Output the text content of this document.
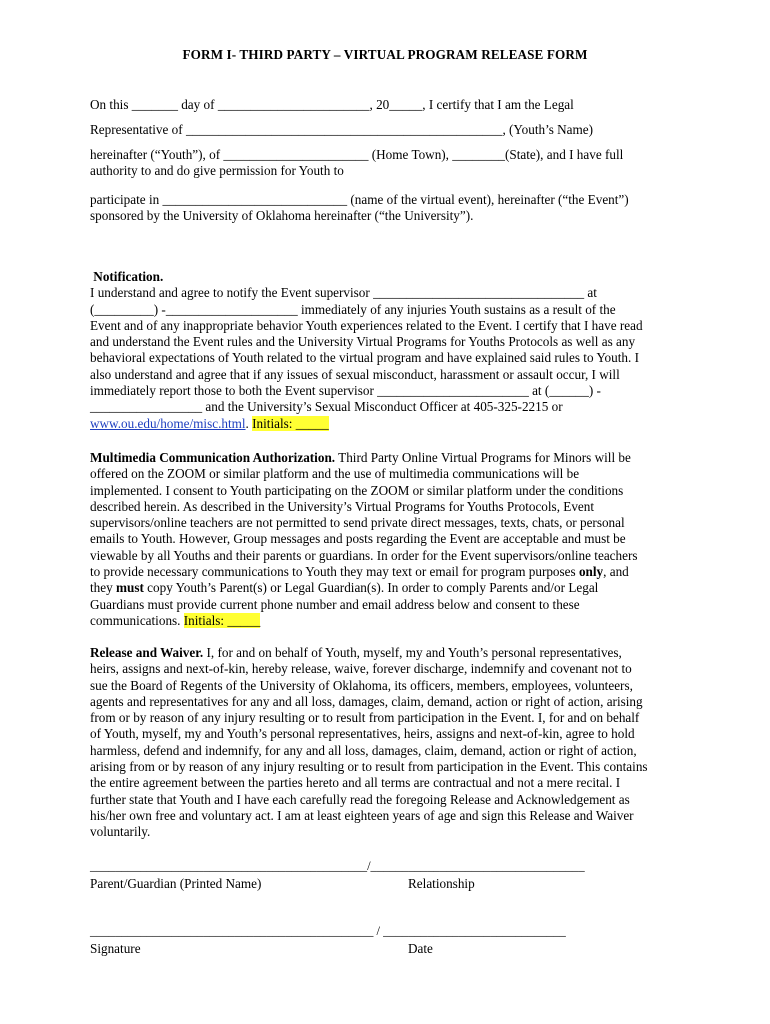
FORM I- THIRD PARTY – VIRTUAL PROGRAM RELEASE FORM
On this _______ day of _______________________, 20_____, I certify that I am the Legal
Representative of ________________________________________________, (Youth’s Name)
hereinafter (“Youth”), of ______________________ (Home Town), ________(State), and I have full
authority to and do give permission for Youth to
participate in ____________________________ (name of the virtual event), hereinafter (“the Event”)
sponsored by the University of Oklahoma hereinafter (“the University”).

Notification.

I understand and agree to notify the Event supervisor ________________________________ at

(_________) -____________________ immediately of any injuries Youth sustains as a result of the

Event and of any inappropriate behavior Youth experiences related to the Event. I certify that I have read

and understand the Event rules and the University Virtual Programs for Youths Protocols as well as any

behavioral expectations of Youth related to the virtual program and have explained said rules to Youth. I

also understand and agree that if any issues of sexual misconduct, harassment or assault occur, I will

immediately report those to both the Event supervisor _______________________ at (______) -

_________________ and the University’s Sexual Misconduct Officer at 405-325-2215 or

www.ou.edu/home/misc.html. Initials: _____

Multimedia Communication Authorization. Third Party Online Virtual Programs for Minors will be

offered on the ZOOM or similar platform and the use of multimedia communications will be

implemented. I consent to Youth participating on the ZOOM or similar platform under the conditions

described herein. As described in the University’s Virtual Programs for Youths Protocols, Event

supervisors/online teachers are not permitted to send private direct messages, texts, chats, or personal

emails to Youth. However, Group messages and posts regarding the Event are acceptable and must be

viewable by all Youths and their parents or guardians. In order for the Event supervisors/online teachers

to provide necessary communications to Youth they may text or email for program purposes only, and

they must copy Youth’s Parent(s) or Legal Guardian(s). In order to comply Parents and/or Legal

Guardians must provide current phone number and email address below and consent to these

communications. Initials: _____

Release and Waiver. I, for and on behalf of Youth, myself, my and Youth’s personal representatives,

heirs, assigns and next-of-kin, hereby release, waive, forever discharge, indemnify and covenant not to

sue the Board of Regents of the University of Oklahoma, its officers, members, employees, volunteers,

agents and representatives for any and all loss, damages, claim, demand, action or right of action, arising

from or by reason of any injury resulting or to result from participation in the Event. I, for and on behalf

of Youth, myself, my and Youth’s personal representatives, heirs, assigns and next-of-kin, agree to hold

harmless, defend and indemnify, for any and all loss, damages, claim, demand, action or right of action,

arising from or by reason of any injury resulting or to result from participation in the Event. This contains

the entire agreement between the parties hereto and all terms are contractual and not a mere recital. I

further state that Youth and I have each carefully read the foregoing Release and Acknowledgement as

his/her own free and voluntary act. I am at least eighteen years of age and sign this Release and Waiver

voluntarily.

____________________________________________/__________________________________
Parent/Guardian (Printed Name)	Relationship
_____________________________________________ / _____________________________
Signature	Date
